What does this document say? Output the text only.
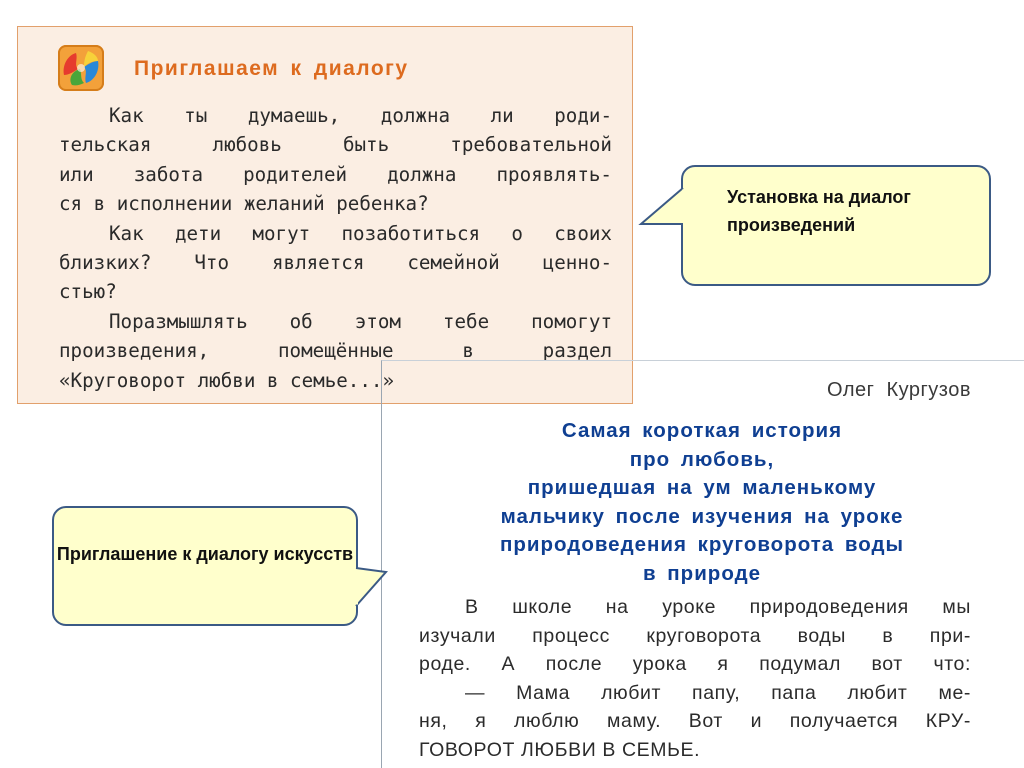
Приглашаем к диалогу
Как ты думаешь, должна ли роди-
тельская любовь быть требовательной
или забота родителей должна проявлять-
ся в исполнении желаний ребенка?
Как дети могут позаботиться о своих
близких? Что является семейной ценно-
стью?
Поразмышлять об этом тебе помогут
произведения, помещённые в раздел
«Круговорот любви в семье...»	Олег Кургузов
Самая короткая история
про любовь,
пришедшая на ум маленькому
мальчику после изучения на уроке
природоведения круговорота воды
в природе
В школе на уроке природоведения мы
изучали процесс круговорота воды в при-
роде. А после урока я подумал вот что:
— Мама любит папу, папа любит ме-
ня, я люблю маму. Вот и получается КРУ-
ГОВОРОТ ЛЮБВИ В СЕМЬЕ.
Установка на диалог произведений
Приглашение к диалогу искусств
